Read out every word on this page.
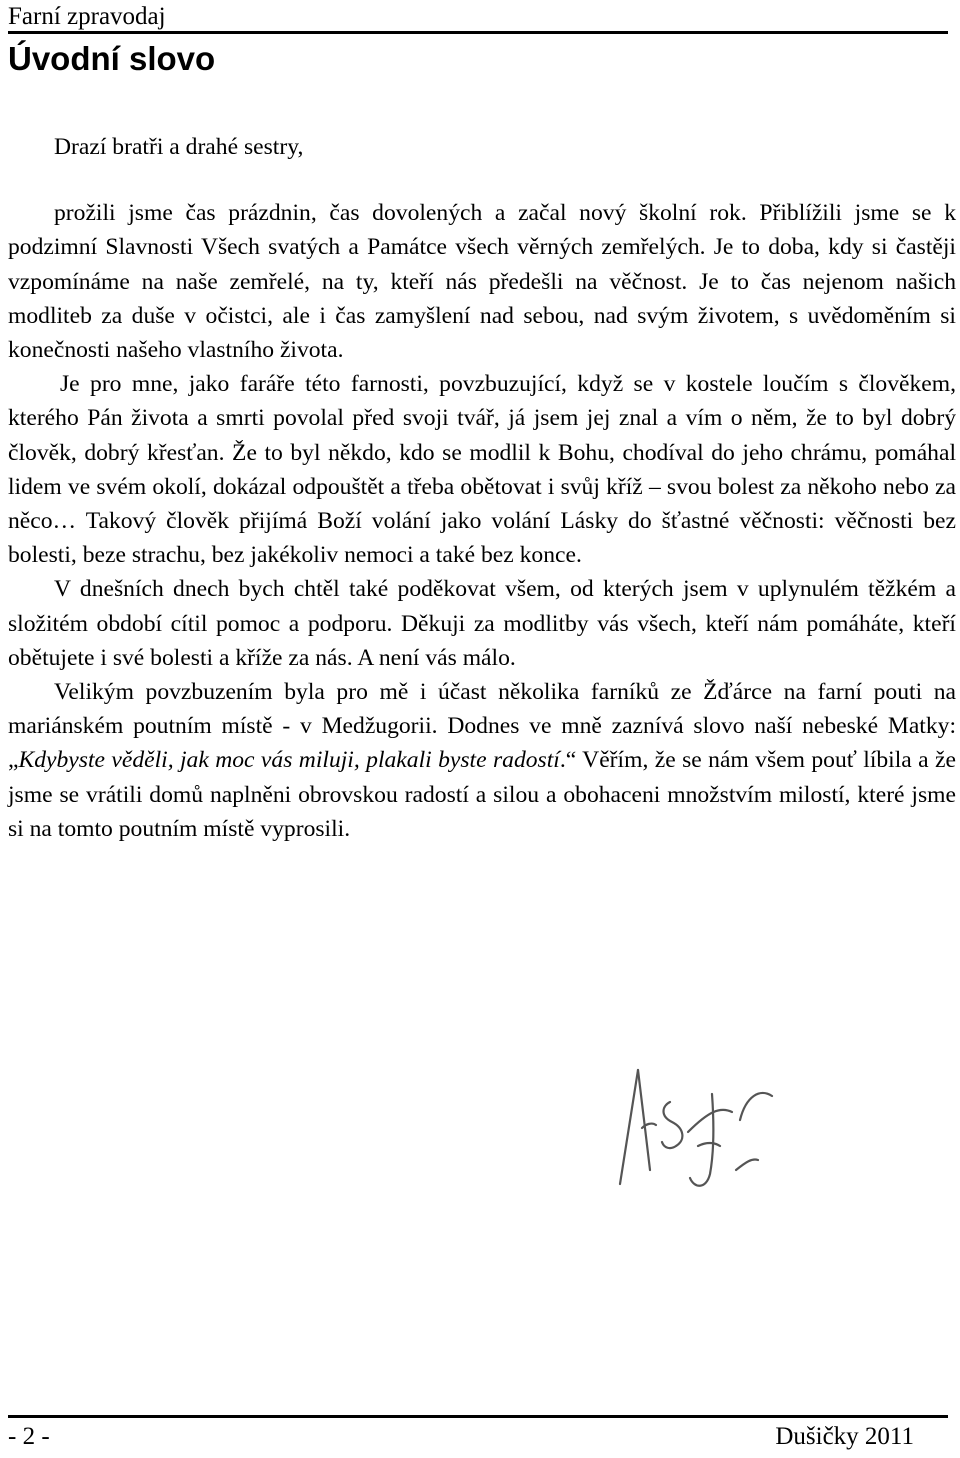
Farní zpravodaj
Úvodní slovo

Drazí bratři a drahé sestry,

prožili jsme čas prázdnin, čas dovolených a začal nový školní rok. Přiblížili jsme se k podzimní Slavnosti Všech svatých a Památce všech věrných zemřelých. Je to doba, kdy si častěji vzpomínáme na naše zemřelé, na ty, kteří nás předešli na věčnost. Je to čas nejenom našich modliteb za duše v očistci, ale i čas zamyšlení nad sebou, nad svým životem, s uvědoměním si konečnosti našeho vlastního života.

Je pro mne, jako faráře této farnosti, povzbuzující, když se v kostele loučím s člověkem, kterého Pán života a smrti povolal před svoji tvář, já jsem jej znal a vím o něm, že to byl dobrý člověk, dobrý křesťan. Že to byl někdo, kdo se modlil k Bohu, chodíval do jeho chrámu, pomáhal lidem ve svém okolí, dokázal odpouštět a třeba obětovat i svůj kříž – svou bolest za někoho nebo za něco… Takový člověk přijímá Boží volání jako volání Lásky do šťastné věčnosti: věčnosti bez bolesti, beze strachu, bez jakékoliv nemoci a také bez konce.

V dnešních dnech bych chtěl také poděkovat všem, od kterých jsem v uplynulém těžkém a složitém období cítil pomoc a podporu. Děkuji za modlitby vás všech, kteří nám pomáháte, kteří obětujete i své bolesti a kříže za nás. A není vás málo.

Velikým povzbuzením byla pro mě i účast několika farníků ze Žďárce na farní pouti na mariánském poutním místě - v Medžugorii. Dodnes ve mně zaznívá slovo naší nebeské Matky: „Kdybyste věděli, jak moc vás miluji, plakali byste radostí.“ Věřím, že se nám všem pouť líbila a že jsme se vrátili domů naplněni obrovskou radostí a silou a obohaceni množstvím milostí, které jsme si na tomto poutním místě vyprosili.

- 2 -	Dušičky 2011
